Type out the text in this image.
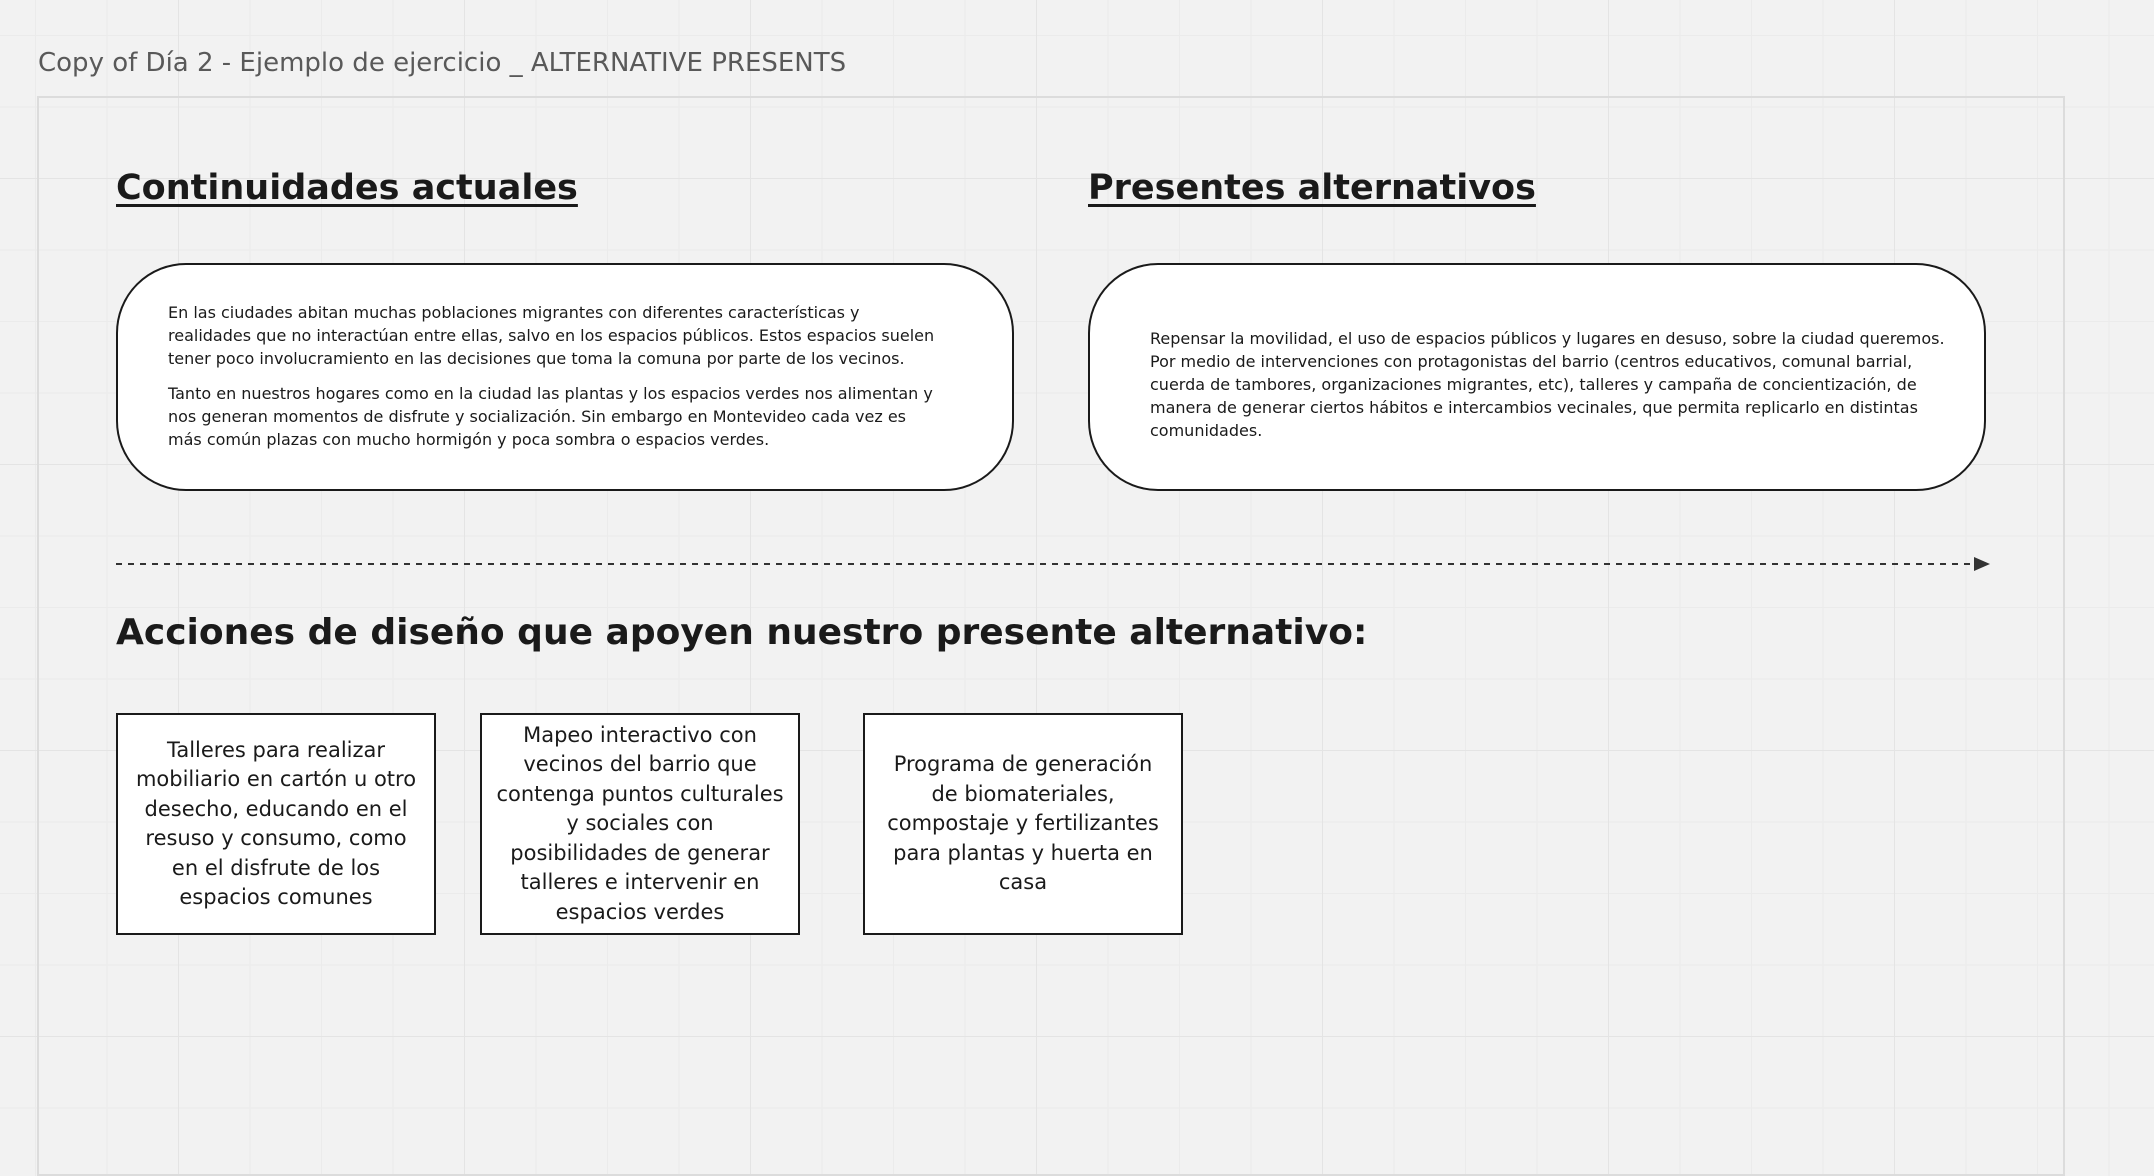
Copy of Día 2 - Ejemplo de ejercicio _ ALTERNATIVE PRESENTS
Continuidades actuales

En las ciudades abitan muchas poblaciones migrantes con diferentes características y realidades que no interactúan entre ellas, salvo en los espacios públicos. Estos espacios suelen tener poco involucramiento en las decisiones que toma la comuna por parte de los vecinos.

Tanto en nuestros hogares como en la ciudad las plantas y los espacios verdes nos alimentan y nos generan momentos de disfrute y socialización. Sin embargo en Montevideo cada vez es más común plazas con mucho hormigón y poca sombra o espacios verdes.

Presentes alternativos

Repensar la movilidad, el uso de espacios públicos y lugares en desuso, sobre la ciudad queremos. Por medio de intervenciones con protagonistas del barrio (centros educativos, comunal barrial, cuerda de tambores, organizaciones migrantes, etc), talleres y campaña de concientización, de manera de generar ciertos hábitos e intercambios vecinales, que permita replicarlo en distintas comunidades.

Acciones de diseño que apoyen nuestro presente alternativo:
Talleres para realizar mobiliario en cartón u otro desecho, educando en el resuso y consumo, como en el disfrute de los espacios comunes
Mapeo interactivo con vecinos del barrio que contenga puntos culturales y sociales con posibilidades de generar talleres e intervenir en espacios verdes
Programa de generación de biomateriales, compostaje y fertilizantes para plantas y huerta en casa
